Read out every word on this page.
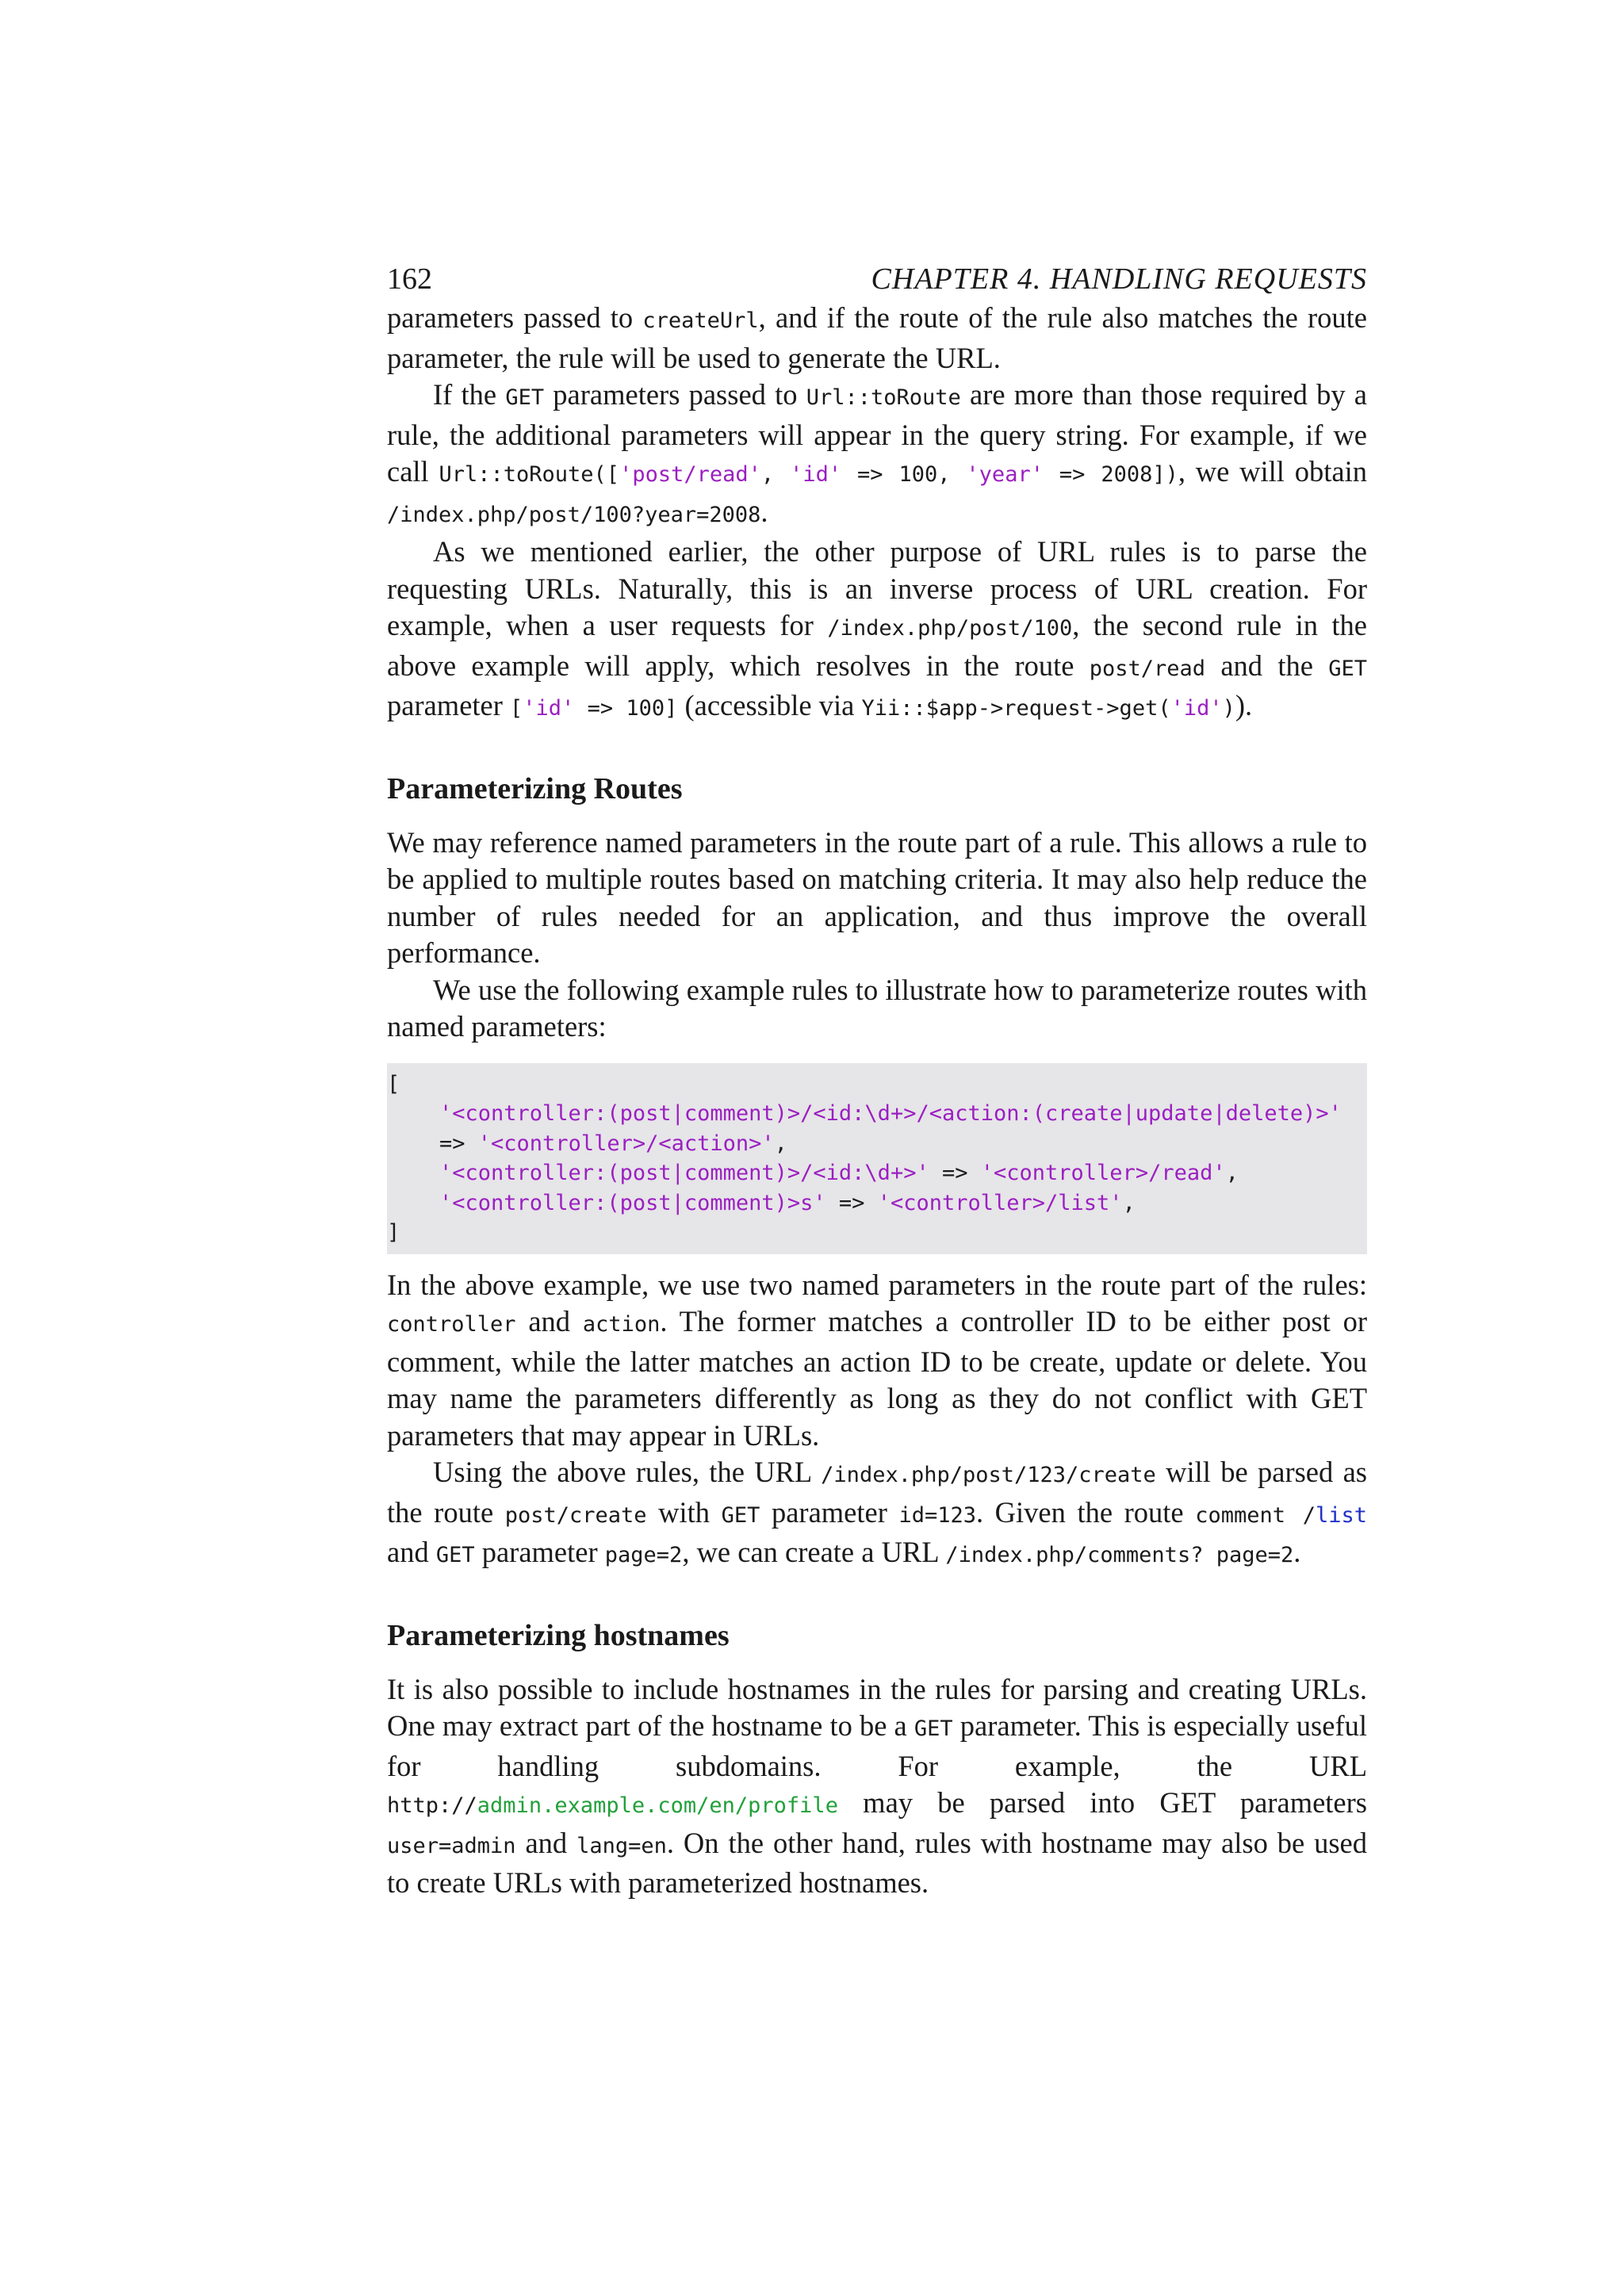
162	CHAPTER 4. HANDLING REQUESTS

parameters passed to createUrl, and if the route of the rule also matches the route parameter, the rule will be used to generate the URL.

If the GET parameters passed to Url::toRoute are more than those required by a rule, the additional parameters will appear in the query string. For example, if we call Url::toRoute(['post/read', 'id' => 100, 'year' => 2008]), we will obtain /index.php/post/100?year=2008.

As we mentioned earlier, the other purpose of URL rules is to parse the requesting URLs. Naturally, this is an inverse process of URL creation. For example, when a user requests for /index.php/post/100, the second rule in the above example will apply, which resolves in the route post/read and the GET parameter ['id' => 100] (accessible via Yii::$app->request->get('id')).

Parameterizing Routes

We may reference named parameters in the route part of a rule. This allows a rule to be applied to multiple routes based on matching criteria. It may also help reduce the number of rules needed for an application, and thus improve the overall performance.

We use the following example rules to illustrate how to parameterize routes with named parameters:

[
'<controller:(post|comment)>/<id:\d+>/<action:(create|update|delete)>'
=> '<controller>/<action>',
'<controller:(post|comment)>/<id:\d+>' => '<controller>/read',
'<controller:(post|comment)>s' => '<controller>/list',
]

In the above example, we use two named parameters in the route part of the rules: controller and action. The former matches a controller ID to be either post or comment, while the latter matches an action ID to be create, update or delete. You may name the parameters differently as long as they do not conflict with GET parameters that may appear in URLs.

Using the above rules, the URL /index.php/post/123/create will be parsed as the route post/create with GET parameter id=123. Given the route comment /list and GET parameter page=2, we can create a URL /index.php/comments? page=2.

Parameterizing hostnames

It is also possible to include hostnames in the rules for parsing and creating URLs. One may extract part of the hostname to be a GET parameter. This is especially useful for handling subdomains. For example, the URL http://admin.example.com/en/profile may be parsed into GET parameters user=admin and lang=en. On the other hand, rules with hostname may also be used to create URLs with parameterized hostnames.
